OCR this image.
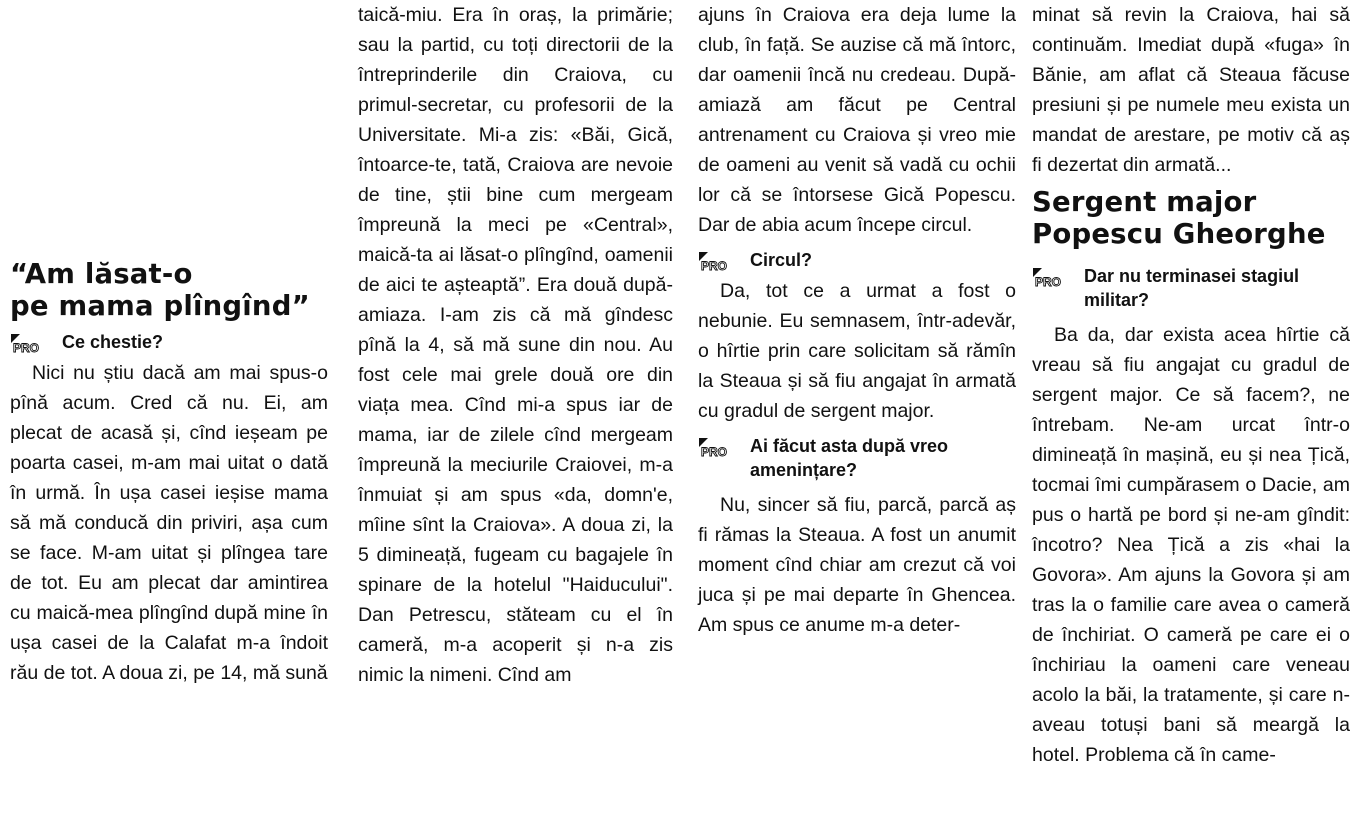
“Am lăsat-o
pe mama plîngînd”
PRO Ce chestie?

Nici nu știu dacă am mai spus-o pînă acum. Cred că nu. Ei, am plecat de acasă și, cînd ieșeam pe poarta casei, m-am mai uitat o dată în urmă. În ușa casei ieșise mama să mă conducă din priviri, așa cum se face. M-am uitat și plîngea tare de tot. Eu am plecat dar amintirea cu maică-mea plîngînd după mine în ușa casei de la Calafat m-a îndoit rău de tot. A doua zi, pe 14, mă sună

taică-miu. Era în oraș, la primărie; sau la partid, cu toți directorii de la întreprinderile din Craiova, cu primul-secretar, cu profesorii de la Universitate. Mi-a zis: «Băi, Gică, întoarce-te, tată, Craiova are nevoie de tine, știi bine cum mergeam împreună la meci pe «Central», maică-ta ai lăsat-o plîngînd, oamenii de aici te așteaptă”. Era două după-amiaza. I-am zis că mă gîndesc pînă la 4, să mă sune din nou. Au fost cele mai grele două ore din viața mea. Cînd mi-a spus iar de mama, iar de zilele cînd mergeam împreună la meciurile Craiovei, m-a înmuiat și am spus «da, domn'e, mîine sînt la Craiova». A doua zi, la 5 dimineață, fugeam cu bagajele în spinare de la hotelul "Haiducului". Dan Petrescu, stăteam cu el în cameră, m-a acoperit și n-a zis nimic la nimeni. Cînd am

ajuns în Craiova era deja lume la club, în față. Se auzise că mă întorc, dar oamenii încă nu credeau. După-amiază am făcut pe Central antrenament cu Craiova și vreo mie de oameni au venit să vadă cu ochii lor că se întorsese Gică Popescu. Dar de abia acum începe circul.

PRO Circul?

Da, tot ce a urmat a fost o nebunie. Eu semnasem, într-adevăr, o hîrtie prin care solicitam să rămîn la Steaua și să fiu angajat în armată cu gradul de sergent major.

PRO Ai făcut asta după vreo amenințare?

Nu, sincer să fiu, parcă, parcă aș fi rămas la Steaua. A fost un anumit moment cînd chiar am crezut că voi juca și pe mai departe în Ghencea. Am spus ce anume m-a deter-

minat să revin la Craiova, hai să continuăm. Imediat după «fuga» în Bănie, am aflat că Steaua făcuse presiuni și pe numele meu exista un mandat de arestare, pe motiv că aș fi dezertat din armată...

Sergent major
Popescu Gheorghe
PRO Dar nu terminasei stagiul militar?

Ba da, dar exista acea hîrtie că vreau să fiu angajat cu gradul de sergent major. Ce să facem?, ne întrebam. Ne-am urcat într-o dimineață în mașină, eu și nea Țică, tocmai îmi cumpărasem o Dacie, am pus o hartă pe bord și ne-am gîndit: încotro? Nea Țică a zis «hai la Govora». Am ajuns la Govora și am tras la o familie care avea o cameră de închiriat. O cameră pe care ei o închiriau la oameni care veneau acolo la băi, la tratamente, și care n-aveau totuși bani să meargă la hotel. Problema că în came-
